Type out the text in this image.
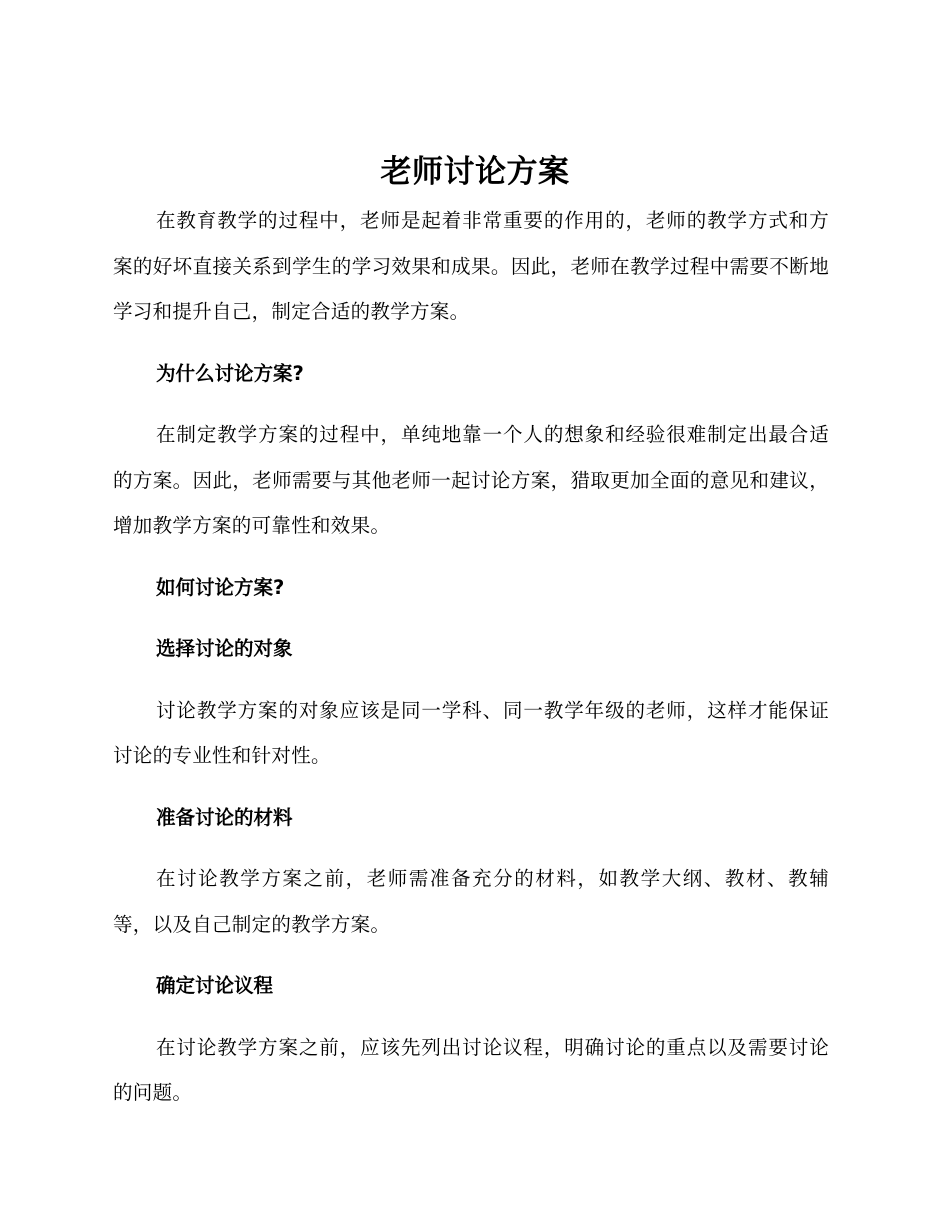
老师讨论方案

在教育教学的过程中，老师是起着非常重要的作用的，老师的教学方式和方案的好坏直接关系到学生的学习效果和成果。因此，老师在教学过程中需要不断地学习和提升自己，制定合适的教学方案。

为什么讨论方案?

在制定教学方案的过程中，单纯地靠一个人的想象和经验很难制定出最合适的方案。因此，老师需要与其他老师一起讨论方案，猎取更加全面的意见和建议，增加教学方案的可靠性和效果。

如何讨论方案?

选择讨论的对象

讨论教学方案的对象应该是同一学科、同一教学年级的老师，这样才能保证讨论的专业性和针对性。

准备讨论的材料

在讨论教学方案之前，老师需准备充分的材料，如教学大纲、教材、教辅等，以及自己制定的教学方案。

确定讨论议程

在讨论教学方案之前，应该先列出讨论议程，明确讨论的重点以及需要讨论的问题。
